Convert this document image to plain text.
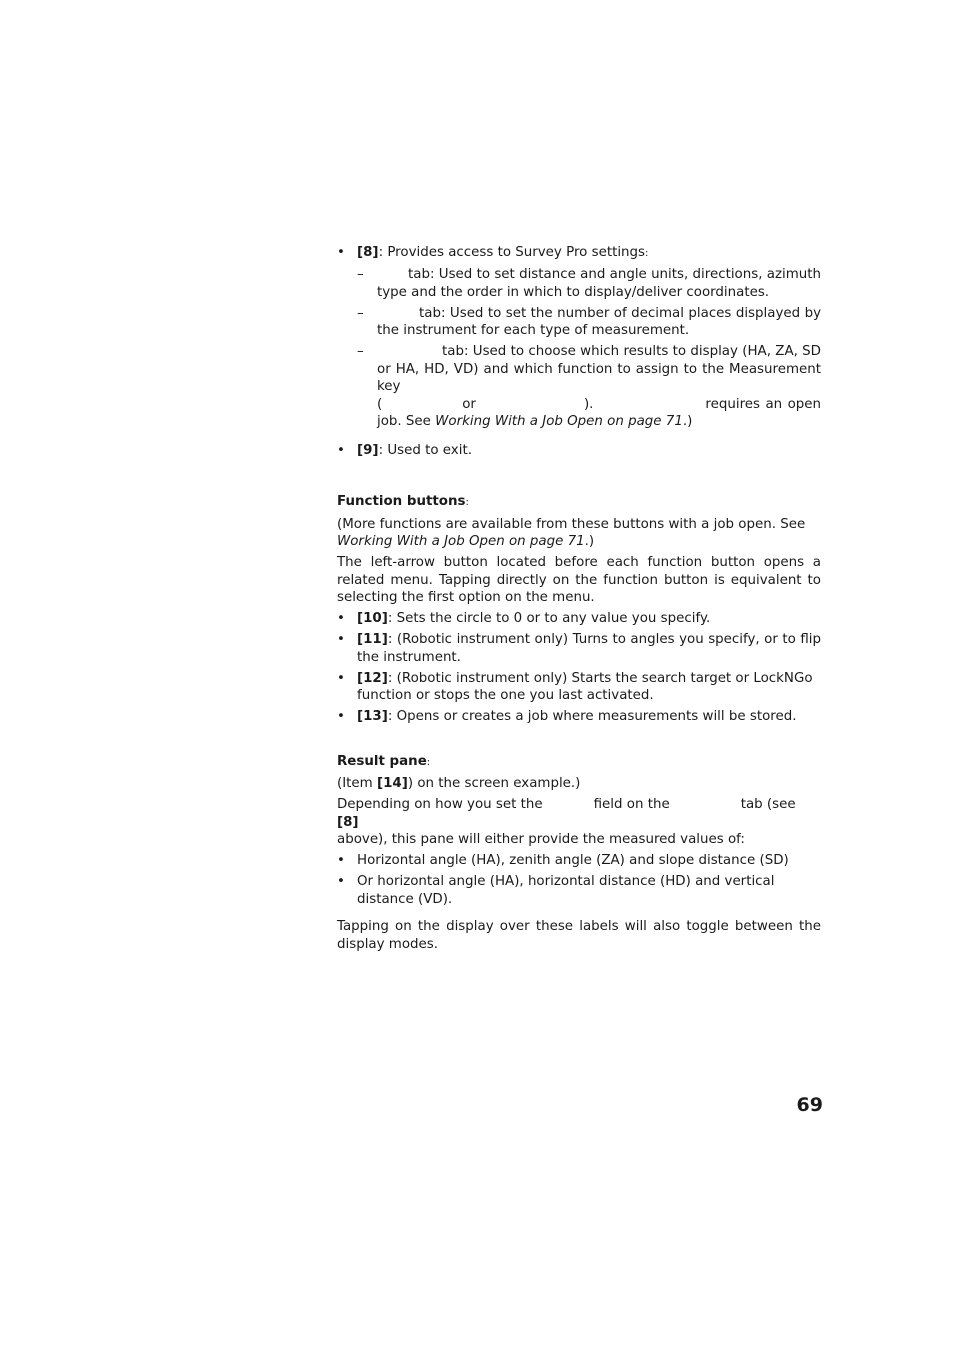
• [8]: Provides access to Survey Pro settings:
– tab: Used to set distance and angle units, directions, azimuth type and the order in which to display/deliver coordinates.
– tab: Used to set the number of decimal places displayed by the instrument for each type of measurement.
– tab: Used to choose which results to display (HA, ZA, SD or HA, HD, VD) and which function to assign to the Measurement key
(	or	).	requires an open job. See Working With a Job Open on page 71.)
• [9]: Used to exit.

Function buttons:

(More functions are available from these buttons with a job open. See Working With a Job Open on page 71.)

The left-arrow button located before each function button opens a related menu. Tapping directly on the function button is equivalent to selecting the first option on the menu.

• [10]: Sets the circle to 0 or to any value you specify.
• [11]: (Robotic instrument only) Turns to angles you specify, or to flip the instrument.
• [12]: (Robotic instrument only) Starts the search target or LockNGo function or stops the one you last activated.
• [13]: Opens or creates a job where measurements will be stored.

Result pane:

(Item [14]) on the screen example.)

Depending on how you set the	field on the	tab (see [8]
above), this pane will either provide the measured values of:

• Horizontal angle (HA), zenith angle (ZA) and slope distance (SD)
• Or horizontal angle (HA), horizontal distance (HD) and vertical distance (VD).

Tapping on the display over these labels will also toggle between the display modes.

69
